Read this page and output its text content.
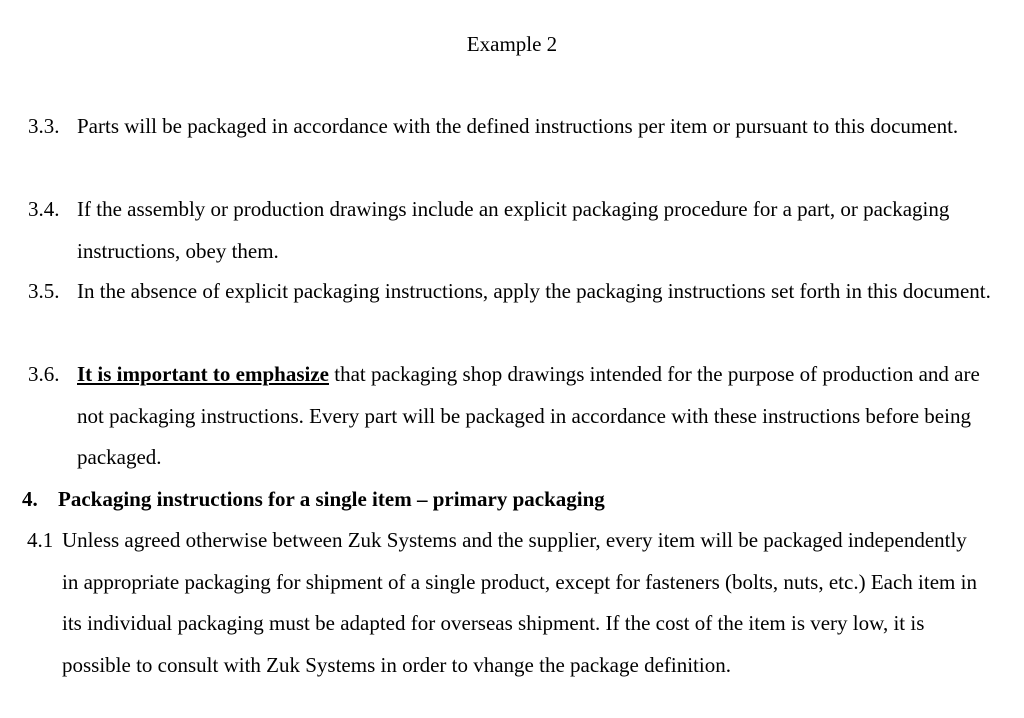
Example 2
3.3. Parts will be packaged in accordance with the defined instructions per item or pursuant to this document.
3.4. If the assembly or production drawings include an explicit packaging procedure for a part, or packaging instructions, obey them.
3.5. In the absence of explicit packaging instructions, apply the packaging instructions set forth in this document.
3.6. It is important to emphasize that packaging shop drawings intended for the purpose of production and are not packaging instructions. Every part will be packaged in accordance with these instructions before being packaged.
4. Packaging instructions for a single item – primary packaging
4.1 Unless agreed otherwise between Zuk Systems and the supplier, every item will be packaged independently in appropriate packaging for shipment of a single product, except for fasteners (bolts, nuts, etc.) Each item in its individual packaging must be adapted for overseas shipment. If the cost of the item is very low, it is possible to consult with Zuk Systems in order to vhange the package definition.
